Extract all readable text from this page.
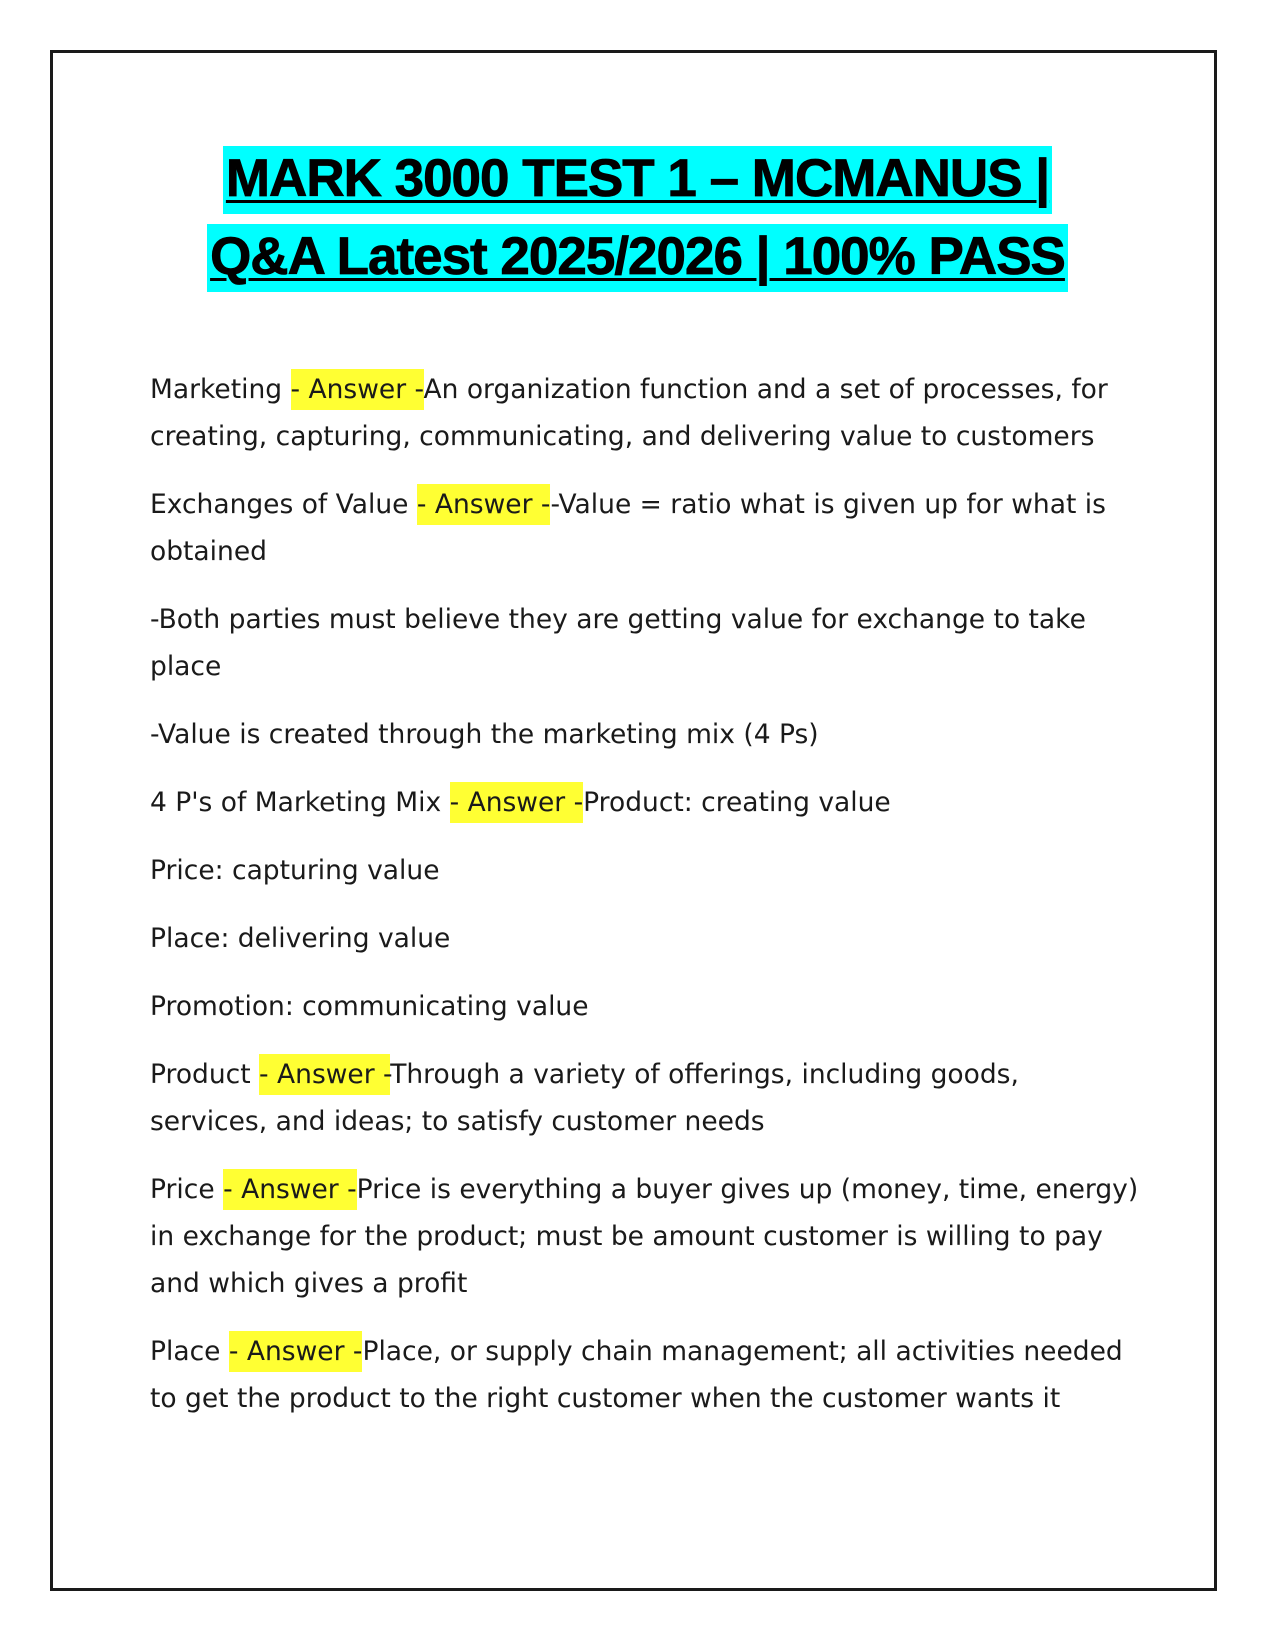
MARK 3000 TEST 1 – MCMANUS |
Q&A Latest 2025/2026 | 100% PASS

Marketing - Answer -An organization function and a set of processes, for creating, capturing, communicating, and delivering value to customers

Exchanges of Value - Answer --Value = ratio what is given up for what is obtained

-Both parties must believe they are getting value for exchange to take place

-Value is created through the marketing mix (4 Ps)

4 P's of Marketing Mix - Answer -Product: creating value

Price: capturing value

Place: delivering value

Promotion: communicating value

Product - Answer -Through a variety of offerings, including goods, services, and ideas; to satisfy customer needs

Price - Answer -Price is everything a buyer gives up (money, time, energy) in exchange for the product; must be amount customer is willing to pay and which gives a profit

Place - Answer -Place, or supply chain management; all activities needed to get the product to the right customer when the customer wants it
